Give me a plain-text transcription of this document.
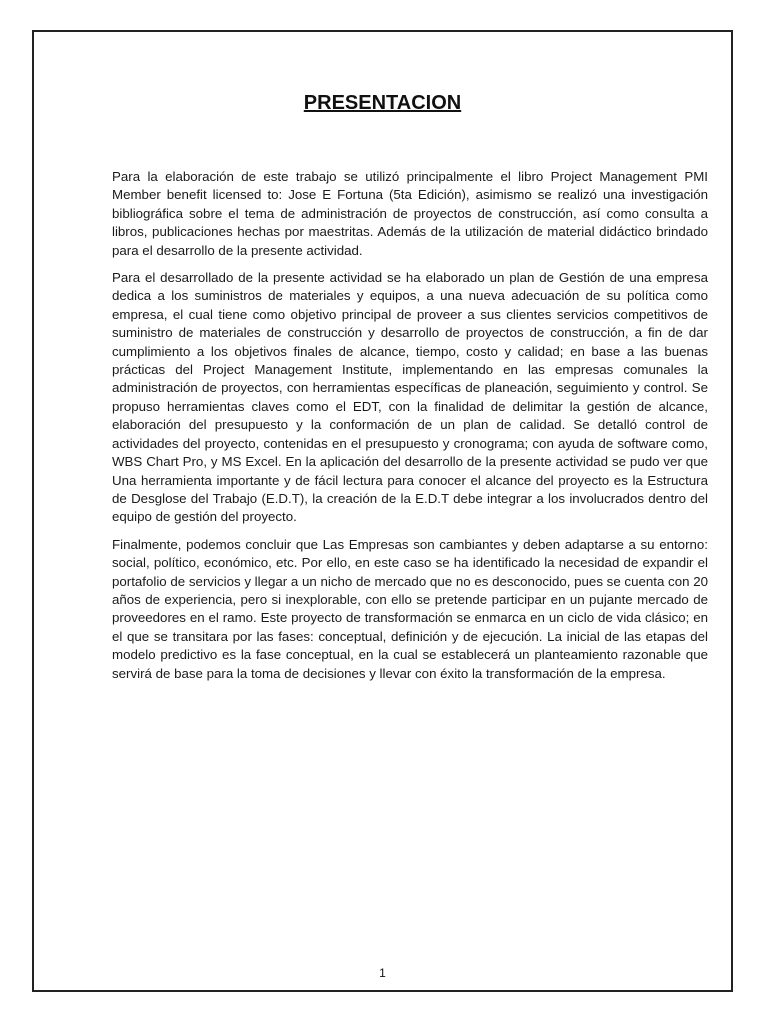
PRESENTACION

Para la elaboración de este trabajo se utilizó principalmente el libro Project Management PMI Member benefit licensed to: Jose E Fortuna (5ta Edición), asimismo se realizó una investigación bibliográfica sobre el tema de administración de proyectos de construcción, así como consulta a libros, publicaciones hechas por maestritas. Además de la utilización de material didáctico brindado para el desarrollo de la presente actividad.

Para el desarrollado de la presente actividad se ha elaborado un plan de Gestión de una empresa dedica a los suministros de materiales y equipos, a una nueva adecuación de su política como empresa, el cual tiene como objetivo principal de proveer a sus clientes servicios competitivos de suministro de materiales de construcción y desarrollo de proyectos de construcción, a fin de dar cumplimiento a los objetivos finales de alcance, tiempo, costo y calidad; en base a las buenas prácticas del Project Management Institute, implementando en las empresas comunales la administración de proyectos, con herramientas específicas de planeación, seguimiento y control. Se propuso herramientas claves como el EDT, con la finalidad de delimitar la gestión de alcance, elaboración del presupuesto y la conformación de un plan de calidad. Se detalló control de actividades del proyecto, contenidas en el presupuesto y cronograma; con ayuda de software como, WBS Chart Pro, y MS Excel. En la aplicación del desarrollo de la presente actividad se pudo ver que Una herramienta importante y de fácil lectura para conocer el alcance del proyecto es la Estructura de Desglose del Trabajo (E.D.T), la creación de la E.D.T debe integrar a los involucrados dentro del equipo de gestión del proyecto.

Finalmente, podemos concluir que Las Empresas son cambiantes y deben adaptarse a su entorno: social, político, económico, etc. Por ello, en este caso se ha identificado la necesidad de expandir el portafolio de servicios y llegar a un nicho de mercado que no es desconocido, pues se cuenta con 20 años de experiencia, pero si inexplorable, con ello se pretende participar en un pujante mercado de proveedores en el ramo. Este proyecto de transformación se enmarca en un ciclo de vida clásico; en el que se transitara por las fases: conceptual, definición y de ejecución. La inicial de las etapas del modelo predictivo es la fase conceptual, en la cual se establecerá un planteamiento razonable que servirá de base para la toma de decisiones y llevar con éxito la transformación de la empresa.

1
